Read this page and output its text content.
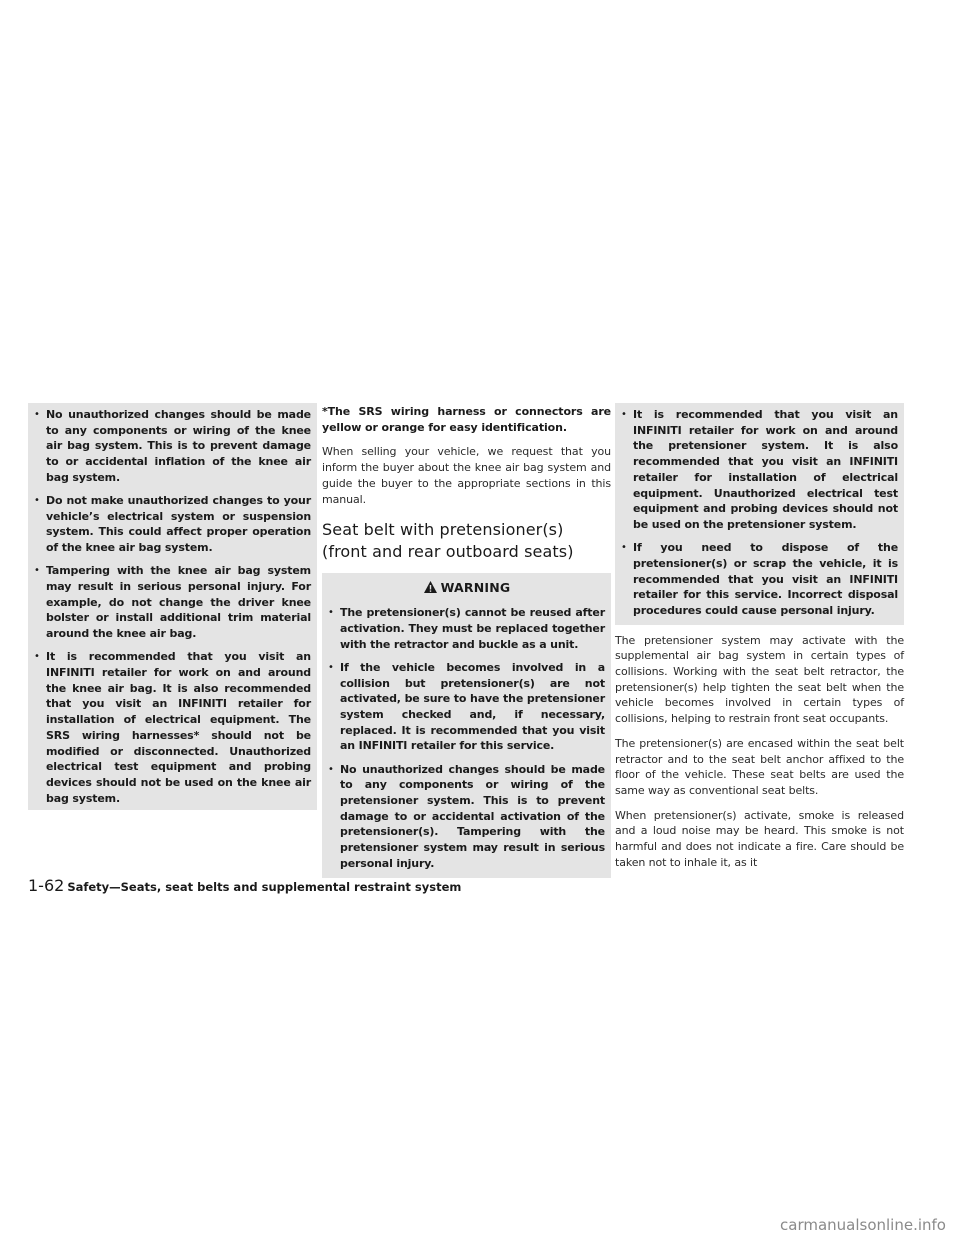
• No unauthorized changes should be made to any components or wiring of the knee air bag system. This is to prevent damage to or accidental inflation of the knee air bag system.
• Do not make unauthorized changes to your vehicle’s electrical system or suspension system. This could affect proper operation of the knee air bag system.
• Tampering with the knee air bag system may result in serious personal injury. For example, do not change the driver knee bolster or install additional trim material around the knee air bag.
• It is recommended that you visit an INFINITI retailer for work on and around the knee air bag. It is also recommended that you visit an INFINITI retailer for installation of electrical equipment. The SRS wiring harnesses* should not be modified or disconnected. Unauthorized electrical test equipment and probing devices should not be used on the knee air bag system.

*The SRS wiring harness or connectors are yellow or orange for easy identification.

When selling your vehicle, we request that you inform the buyer about the knee air bag system and guide the buyer to the appropriate sections in this manual.

Seat belt with pretensioner(s) (front and rear outboard seats)
WARNING
• The pretensioner(s) cannot be reused after activation. They must be replaced together with the retractor and buckle as a unit.
• If the vehicle becomes involved in a collision but pretensioner(s) are not activated, be sure to have the pretensioner system checked and, if necessary, replaced. It is recommended that you visit an INFINITI retailer for this service.
• No unauthorized changes should be made to any components or wiring of the pretensioner system. This is to prevent damage to or accidental activation of the pretensioner(s). Tampering with the pretensioner system may result in serious personal injury.
• It is recommended that you visit an INFINITI retailer for work on and around the pretensioner system. It is also recommended that you visit an INFINITI retailer for installation of electrical equipment. Unauthorized electrical test equipment and probing devices should not be used on the pretensioner system.
• If you need to dispose of the pretensioner(s) or scrap the vehicle, it is recommended that you visit an INFINITI retailer for this service. Incorrect disposal procedures could cause personal injury.

The pretensioner system may activate with the supplemental air bag system in certain types of collisions. Working with the seat belt retractor, the pretensioner(s) help tighten the seat belt when the vehicle becomes involved in certain types of collisions, helping to restrain front seat occupants.

The pretensioner(s) are encased within the seat belt retractor and to the seat belt anchor affixed to the floor of the vehicle. These seat belts are used the same way as conventional seat belts.

When pretensioner(s) activate, smoke is released and a loud noise may be heard. This smoke is not harmful and does not indicate a fire. Care should be taken not to inhale it, as it

1-62 Safety—Seats, seat belts and supplemental restraint system
carmanualsonline.info
